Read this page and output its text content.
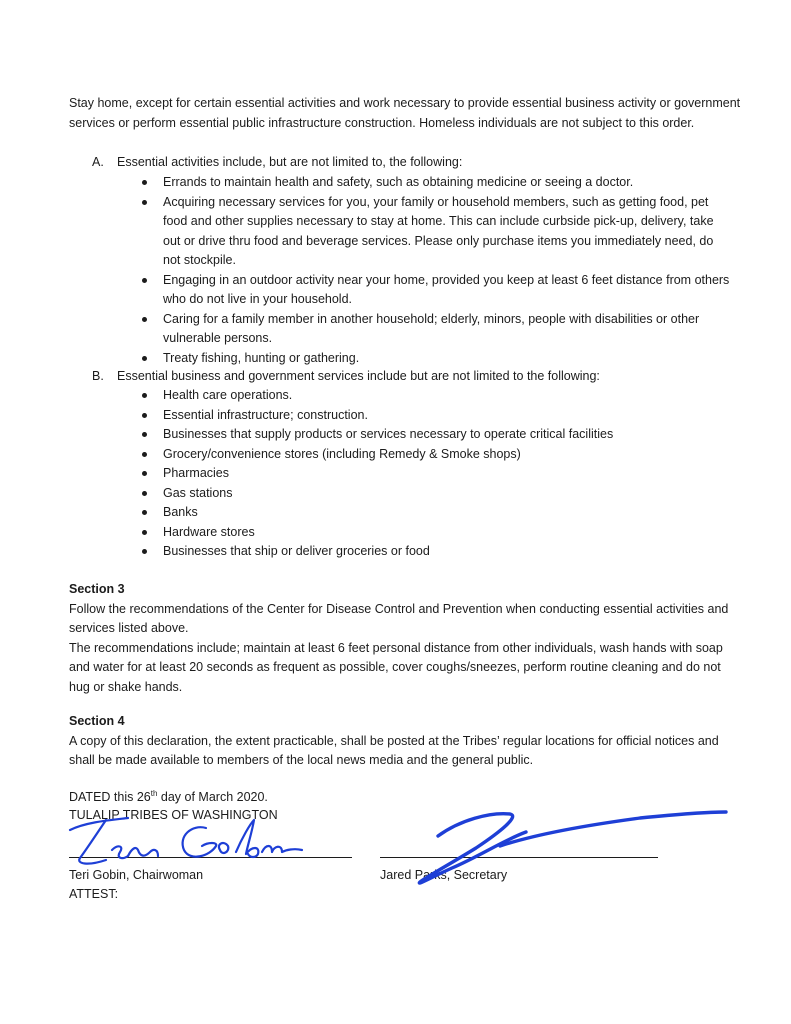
Stay home, except for certain essential activities and work necessary to provide essential business activity or government services or perform essential public infrastructure construction. Homeless individuals are not subject to this order.

A. Essential activities include, but are not limited to, the following:
Errands to maintain health and safety, such as obtaining medicine or seeing a doctor.
Acquiring necessary services for you, your family or household members, such as getting food, pet food and other supplies necessary to stay at home. This can include curbside pick-up, delivery, take out or drive thru food and beverage services. Please only purchase items you immediately need, do not stockpile.
Engaging in an outdoor activity near your home, provided you keep at least 6 feet distance from others who do not live in your household.
Caring for a family member in another household; elderly, minors, people with disabilities or other vulnerable persons.
Treaty fishing, hunting or gathering.
B. Essential business and government services include but are not limited to the following:
Health care operations.
Essential infrastructure; construction.
Businesses that supply products or services necessary to operate critical facilities
Grocery/convenience stores (including Remedy & Smoke shops)
Pharmacies
Gas stations
Banks
Hardware stores
Businesses that ship or deliver groceries or food

Section 3

Follow the recommendations of the Center for Disease Control and Prevention when conducting essential activities and services listed above.

The recommendations include; maintain at least 6 feet personal distance from other individuals, wash hands with soap and water for at least 20 seconds as frequent as possible, cover coughs/sneezes, perform routine cleaning and do not hug or shake hands.

Section 4

A copy of this declaration, the extent practicable, shall be posted at the Tribes’ regular locations for official notices and shall be made available to members of the local news media and the general public.

DATED this 26th day of March 2020.
TULALIP TRIBES OF WASHINGTON
Teri Gobin, Chairwoman	Jared Parks, Secretary
ATTEST:
